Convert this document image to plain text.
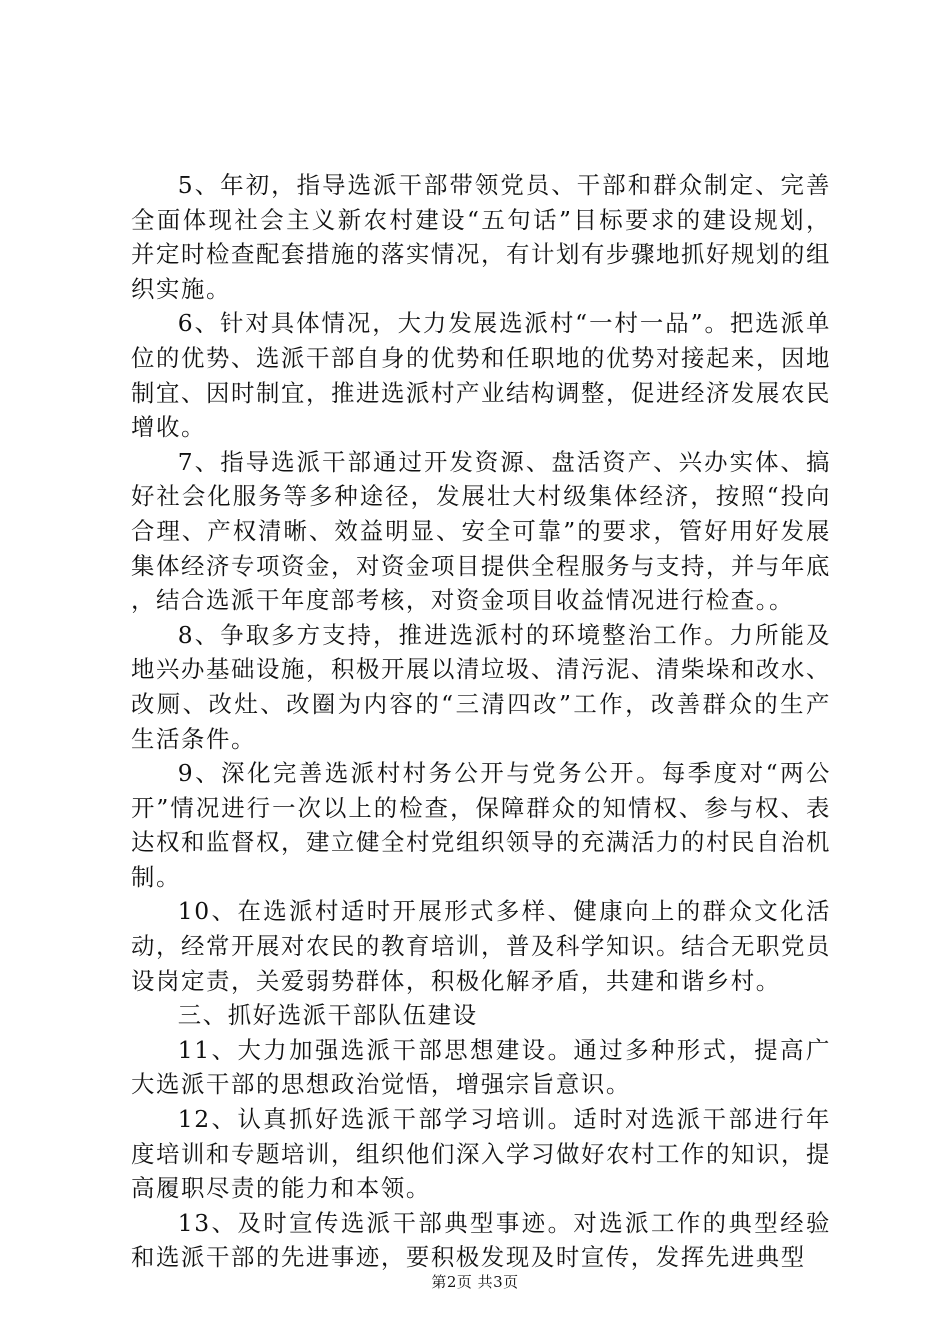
5、年初，指导选派干部带领党员、干部和群众制定、完善全面体现社会主义新农村建设“五句话”目标要求的建设规划，并定时检查配套措施的落实情况，有计划有步骤地抓好规划的组织实施。

6、针对具体情况，大力发展选派村“一村一品”。把选派单位的优势、选派干部自身的优势和任职地的优势对接起来，因地制宜、因时制宜，推进选派村产业结构调整，促进经济发展农民增收。

7、指导选派干部通过开发资源、盘活资产、兴办实体、搞好社会化服务等多种途径，发展壮大村级集体经济，按照“投向合理、产权清晰、效益明显、安全可靠”的要求，管好用好发展集体经济专项资金，对资金项目提供全程服务与支持，并与年底，结合选派干年度部考核，对资金项目收益情况进行检查。。

8、争取多方支持，推进选派村的环境整治工作。力所能及地兴办基础设施，积极开展以清垃圾、清污泥、清柴垛和改水、改厕、改灶、改圈为内容的“三清四改”工作，改善群众的生产生活条件。

9、深化完善选派村村务公开与党务公开。每季度对“两公开”情况进行一次以上的检查，保障群众的知情权、参与权、表达权和监督权，建立健全村党组织领导的充满活力的村民自治机制。

10、在选派村适时开展形式多样、健康向上的群众文化活动，经常开展对农民的教育培训，普及科学知识。结合无职党员设岗定责，关爱弱势群体，积极化解矛盾，共建和谐乡村。

三、抓好选派干部队伍建设

11、大力加强选派干部思想建设。通过多种形式，提高广大选派干部的思想政治觉悟，增强宗旨意识。

12、认真抓好选派干部学习培训。适时对选派干部进行年度培训和专题培训，组织他们深入学习做好农村工作的知识，提高履职尽责的能力和本领。

13、及时宣传选派干部典型事迹。对选派工作的典型经验和选派干部的先进事迹，要积极发现及时宣传，发挥先进典型

第2页 共3页
